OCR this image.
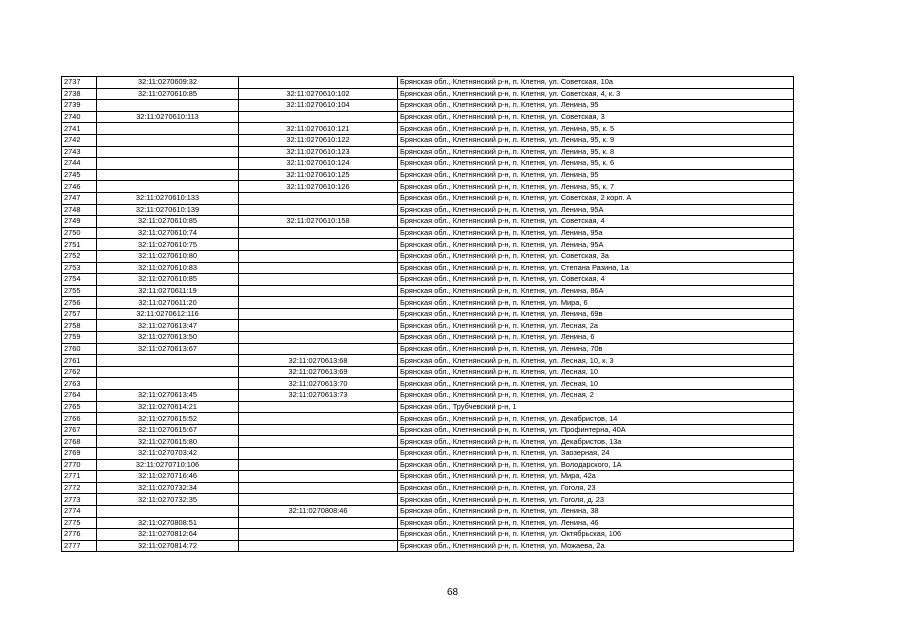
2737	32:11:0270609:32		Брянская обл., Клетнянский р-н, п. Клетня, ул. Советская, 10а
2738	32:11:0270610:85	32:11:0270610:102	Брянская обл., Клетнянский р-н, п. Клетня, ул. Советская, 4, к. 3
2739		32:11:0270610:104	Брянская обл., Клетнянский р-н, п. Клетня, ул. Ленина, 95
2740	32:11:0270610:113		Брянская обл., Клетнянский р-н, п. Клетня, ул. Советская, 3
2741		32:11:0270610:121	Брянская обл., Клетнянский р-н, п. Клетня, ул. Ленина, 95, к. 5
2742		32:11:0270610:122	Брянская обл., Клетнянский р-н, п. Клетня, ул. Ленина, 95, к. 9
2743		32:11:0270610:123	Брянская обл., Клетнянский р-н, п. Клетня, ул. Ленина, 95, к. 8
2744		32:11:0270610:124	Брянская обл., Клетнянский р-н, п. Клетня, ул. Ленина, 95, к. 6
2745		32:11:0270610:125	Брянская обл., Клетнянский р-н, п. Клетня, ул. Ленина, 95
2746		32:11:0270610:126	Брянская обл., Клетнянский р-н, п. Клетня, ул. Ленина, 95, к. 7
2747	32:11:0270610:133		Брянская обл., Клетнянский р-н, п. Клетня, ул. Советская, 2 корп. А
2748	32:11:0270610:139		Брянская обл., Клетнянский р-н, п. Клетня, ул. Ленина, 95А
2749	32:11:0270610:85	32:11:0270610:158	Брянская обл., Клетнянский р-н, п. Клетня, ул. Советская, 4
2750	32:11:0270610:74		Брянская обл., Клетнянский р-н, п. Клетня, ул. Ленина, 95а
2751	32:11:0270610:75		Брянская обл., Клетнянский р-н, п. Клетня, ул. Ленина, 95А
2752	32:11:0270610:80		Брянская обл., Клетнянский р-н, п. Клетня, ул. Советская, 3а
2753	32:11:0270610:83		Брянская обл., Клетнянский р-н, п. Клетня, ул. Степана Разина, 1а
2754	32:11:0270610:85		Брянская обл., Клетнянский р-н, п. Клетня, ул. Советская, 4
2755	32:11:0270611:19		Брянская обл., Клетнянский р-н, п. Клетня, ул. Ленина, 86А
2756	32:11:0270611:20		Брянская обл., Клетнянский р-н, п. Клетня, ул. Мира, 6
2757	32:11:0270612:116		Брянская обл., Клетнянский р-н, п. Клетня, ул. Ленина, 69в
2758	32:11:0270613:47		Брянская обл., Клетнянский р-н, п. Клетня, ул. Лесная, 2а
2759	32:11:0270613:50		Брянская обл., Клетнянский р-н, п. Клетня, ул. Ленина, 6
2760	32:11:0270613:67		Брянская обл., Клетнянский р-н, п. Клетня, ул. Ленина, 70в
2761		32:11:0270613:68	Брянская обл., Клетнянский р-н, п. Клетня, ул. Лесная, 10, к. 3
2762		32:11:0270613:69	Брянская обл., Клетнянский р-н, п. Клетня, ул. Лесная, 10
2763		32:11:0270613:70	Брянская обл., Клетнянский р-н, п. Клетня, ул. Лесная, 10
2764	32:11:0270613:45	32:11:0270613:73	Брянская обл., Клетнянский р-н, п. Клетня, ул. Лесная, 2
2765	32:11:0270614:21		Брянская обл., Трубчевский р-н, 1
2766	32:11:0270615:52		Брянская обл., Клетнянский р-н, п. Клетня, ул. Декабристов, 14
2767	32:11:0270615:67		Брянская обл., Клетнянский р-н, п. Клетня, ул. Профинтерна, 40А
2768	32:11:0270615:80		Брянская обл., Клетнянский р-н, п. Клетня, ул. Декабристов, 13а
2769	32:11:0270703:42		Брянская обл., Клетнянский р-н, п. Клетня, ул. Заозерная, 24
2770	32:11:0270710:106		Брянская обл., Клетнянский р-н, п. Клетня, ул. Володарского, 1А
2771	32:11:0270716:46		Брянская обл., Клетнянский р-н, п. Клетня, ул. Мира, 42а
2772	32:11:0270732:34		Брянская обл., Клетнянский р-н, п. Клетня, ул. Гоголя, 23
2773	32:11:0270732:35		Брянская обл., Клетнянский р-н, п. Клетня, ул. Гоголя, д. 23
2774		32:11:0270808:46	Брянская обл., Клетнянский р-н, п. Клетня, ул. Ленина, 38
2775	32:11:0270808:51		Брянская обл., Клетнянский р-н, п. Клетня, ул. Ленина, 46
2776	32:11:0270812:64		Брянская обл., Клетнянский р-н, п. Клетня, ул. Октябрьская, 106
2777	32:11:0270814:72		Брянская обл., Клетнянский р-н, п. Клетня, ул. Можаева, 2а
68
